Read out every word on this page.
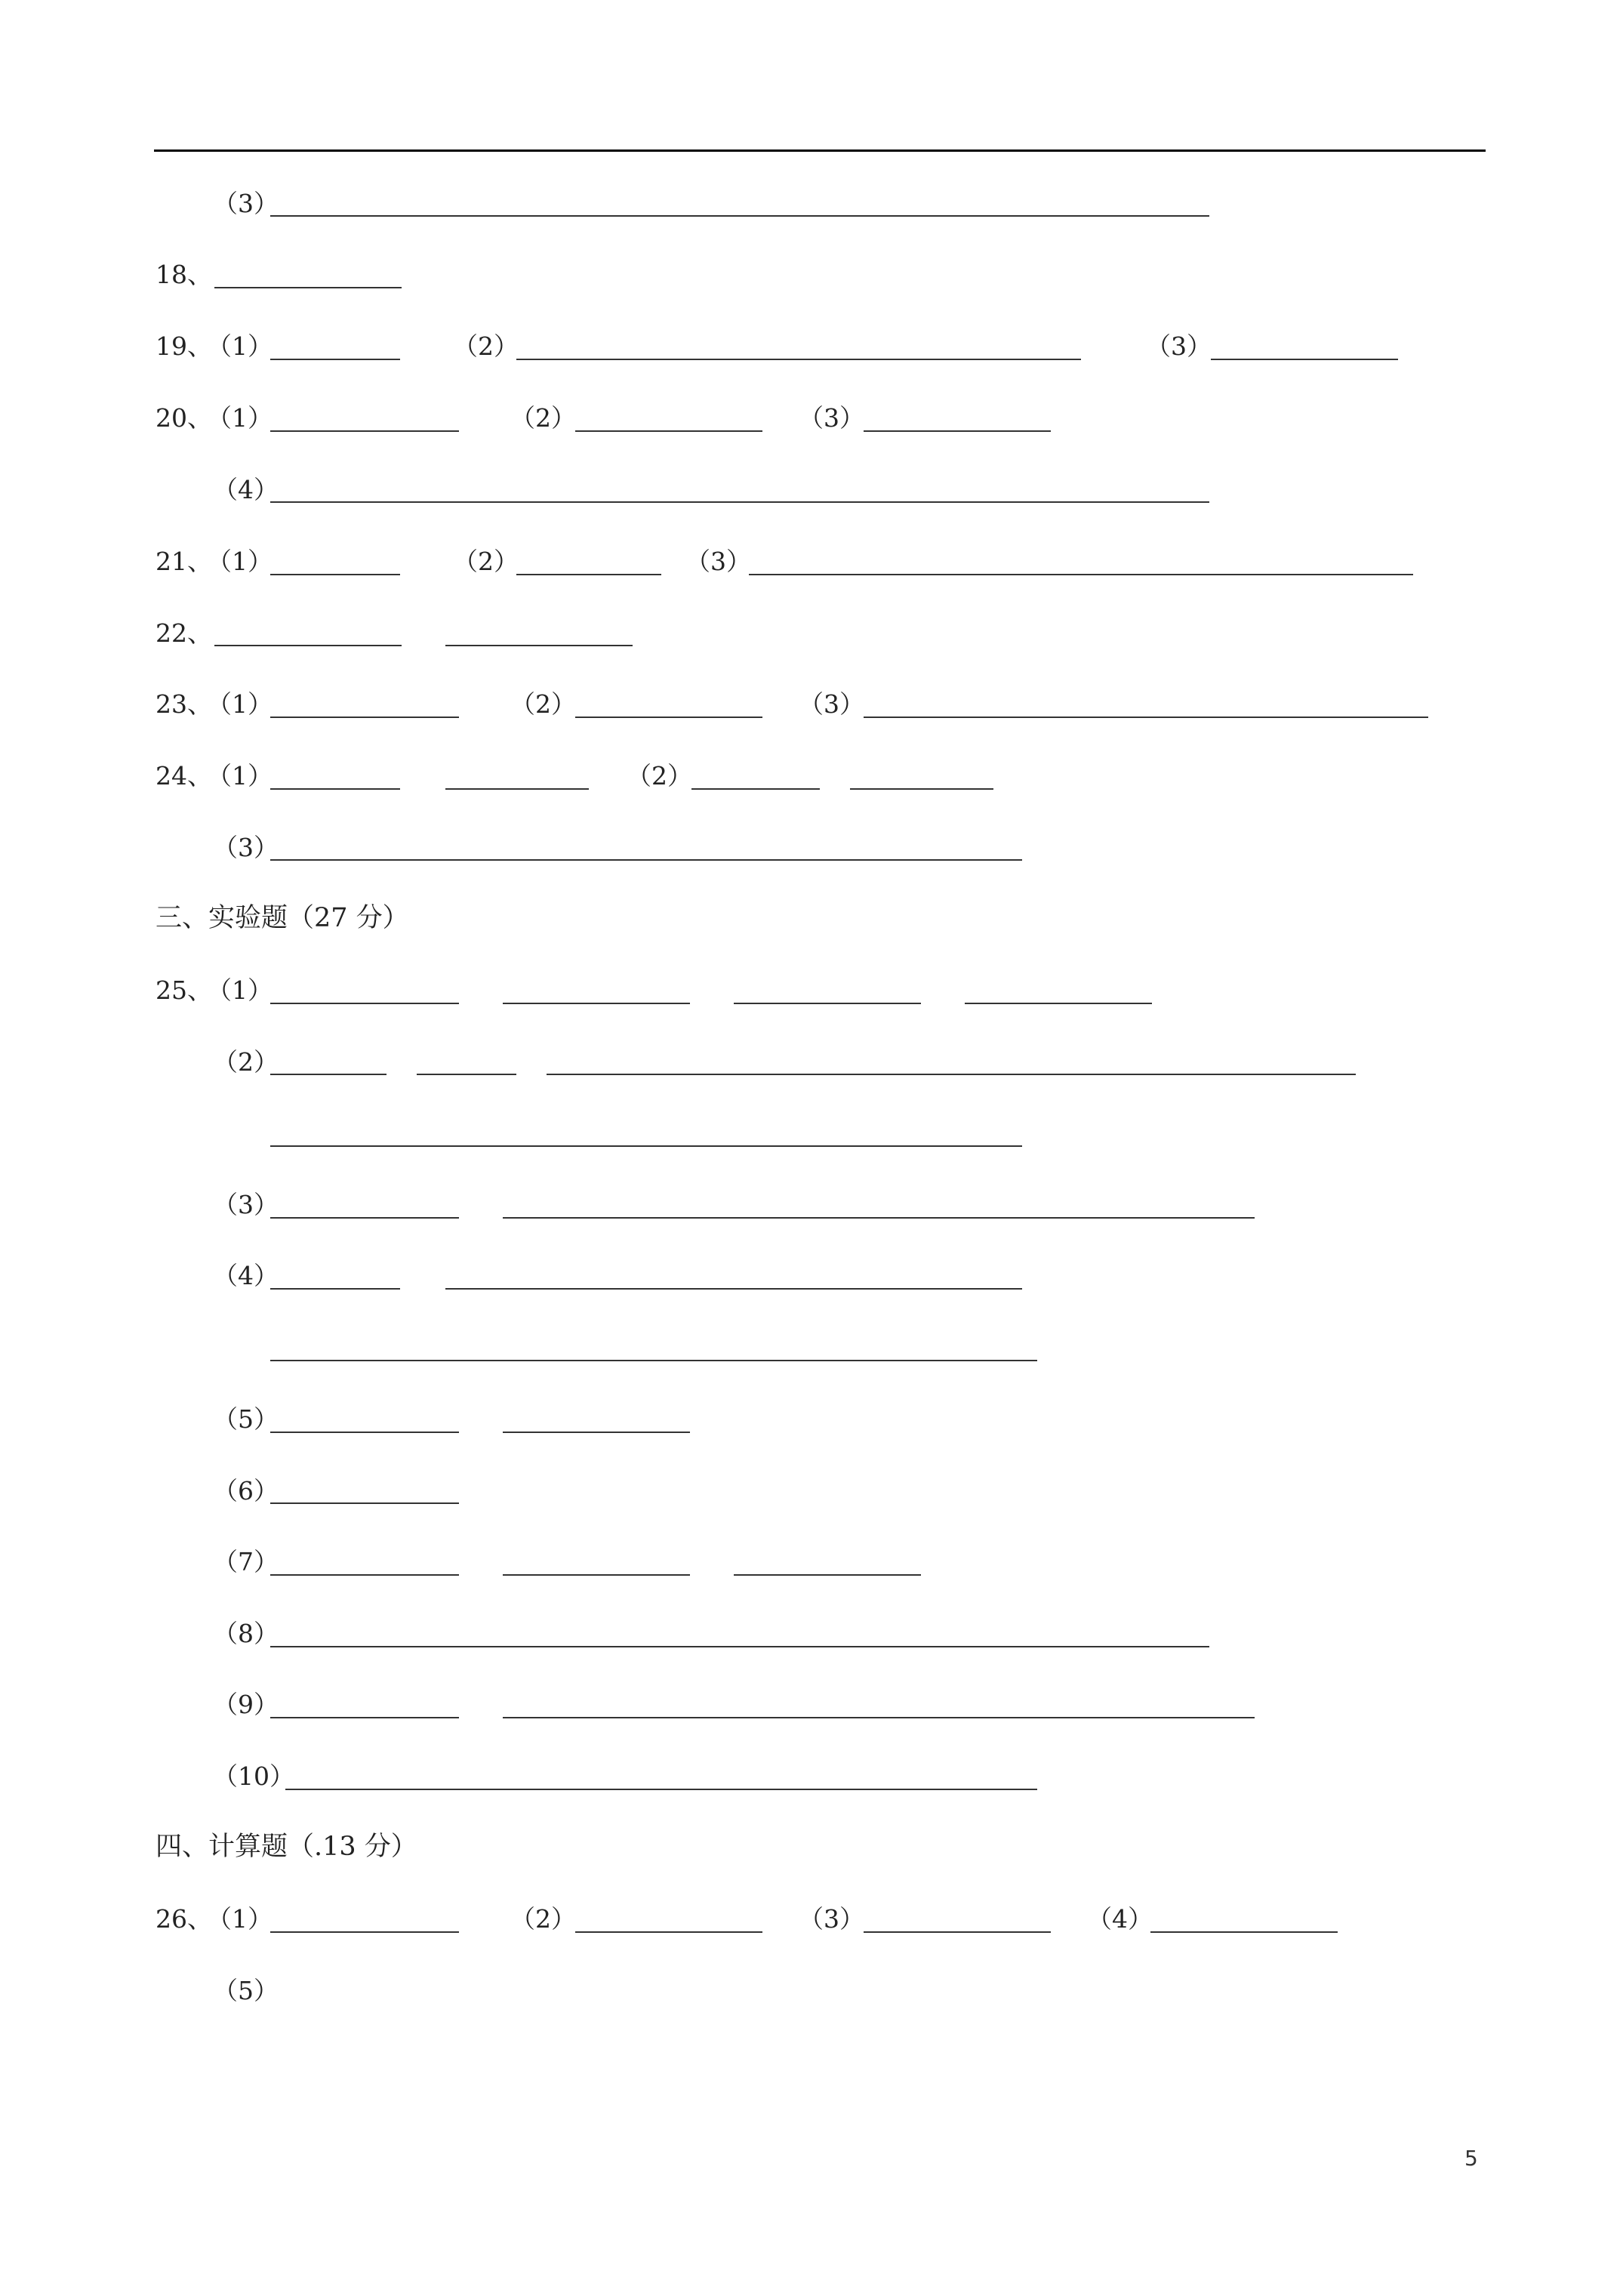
（3）
18、
19、
（1）	（2）	（3）
20、
（1）	（2）	（3）
（4）
21、
（1）	（2）	（3）
22、
23、
（1）	（2）	（3）
24、
（1）	（2）
（3）
三、实验题（27 分）
25、
（1）
（2）
（3）
（4）
（5）
（6）
（7）
（8）
（9）
（10）
四、计算题（.13 分）
26、
（1）	（2）	（3）	（4）
（5）
5
